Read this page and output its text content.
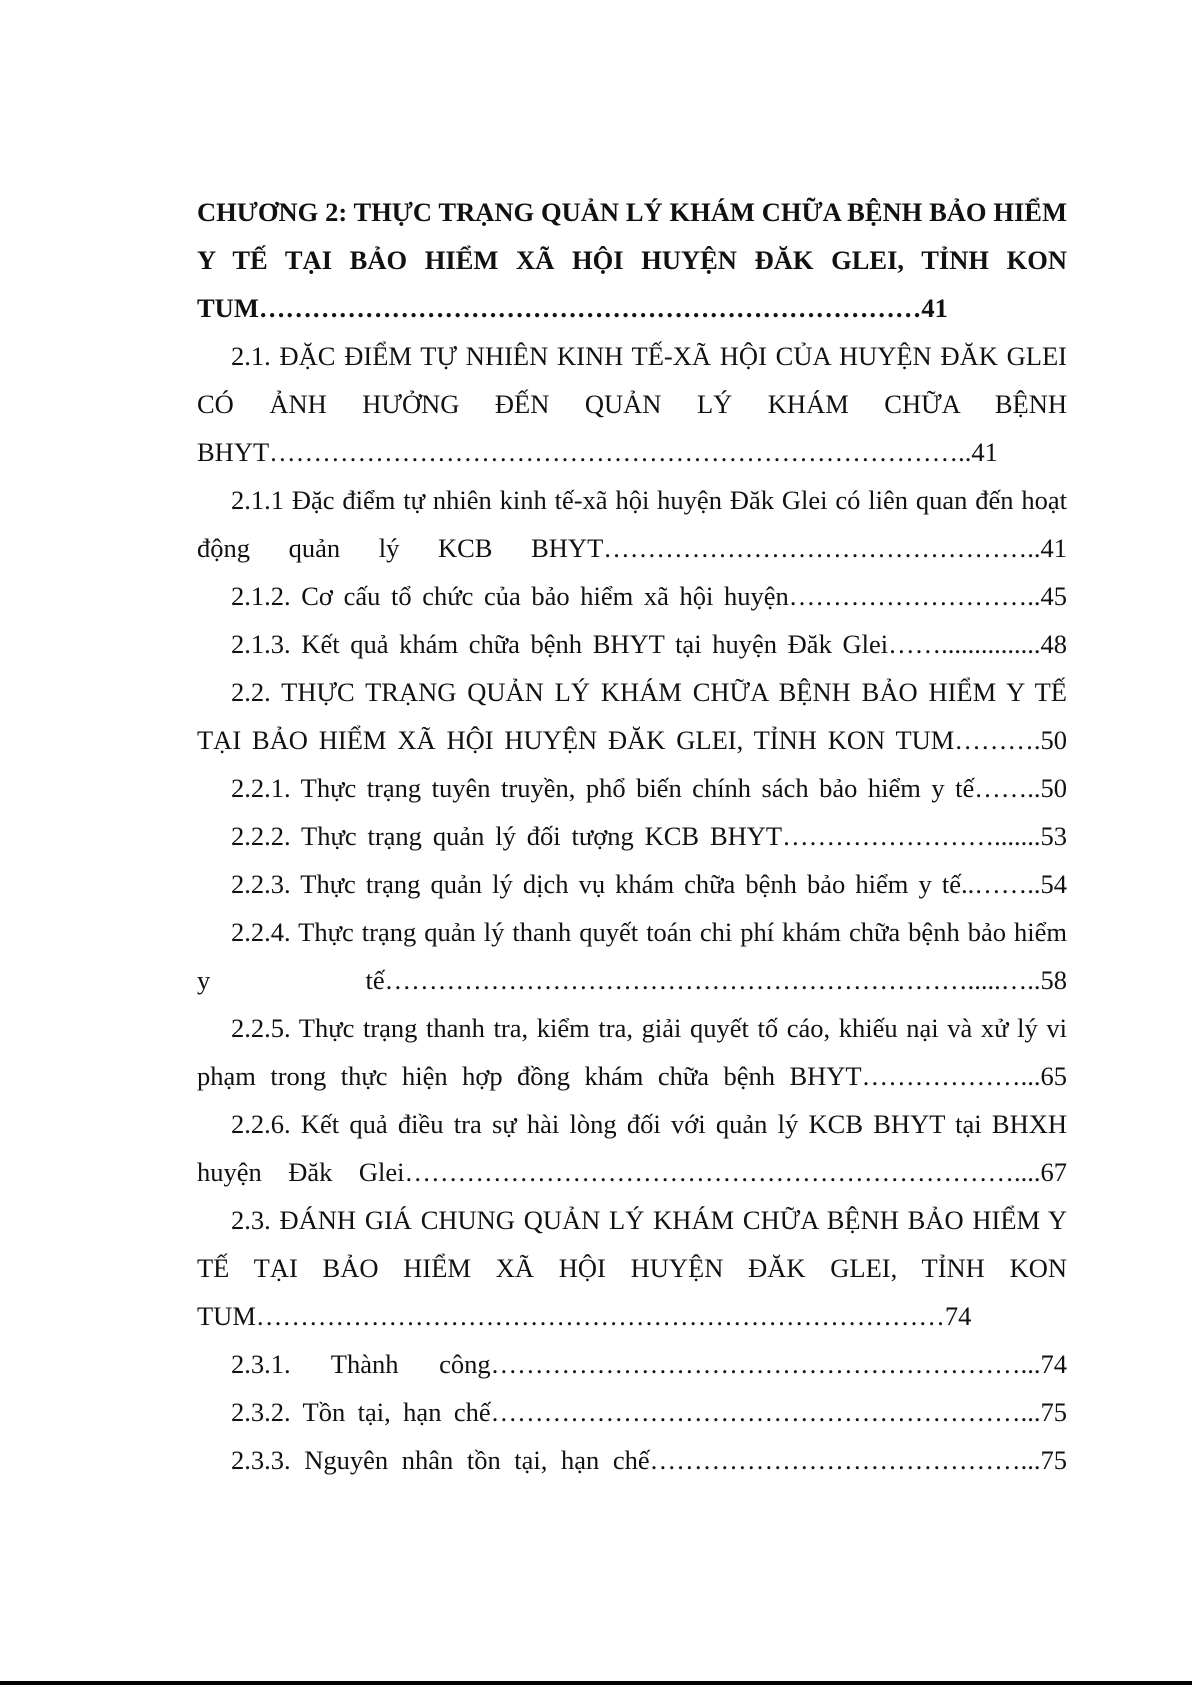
CHƯƠNG 2: THỰC TRẠNG QUẢN LÝ KHÁM CHỮA BỆNH BẢO HIỂM Y TẾ TẠI BẢO HIỂM XÃ HỘI HUYỆN ĐĂK GLEI, TỈNH KON TUM…………………………………………………………………41
2.1. ĐẶC ĐIỂM TỰ NHIÊN KINH TẾ-XÃ HỘI CỦA HUYỆN ĐĂK GLEI CÓ ẢNH HƯỞNG ĐẾN QUẢN LÝ KHÁM CHỮA BỆNH BHYT……………………………………………………………………..41
2.1.1 Đặc điểm tự nhiên kinh tế-xã hội huyện Đăk Glei có liên quan đến hoạt động quản lý KCB BHYT…………………………………………..41
2.1.2. Cơ cấu tổ chức của bảo hiểm xã hội huyện………………………..45
2.1.3. Kết quả khám chữa bệnh BHYT tại huyện Đăk Glei……...............48
2.2. THỰC TRẠNG QUẢN LÝ KHÁM CHỮA BỆNH BẢO HIỂM Y TẾ TẠI BẢO HIỂM XÃ HỘI HUYỆN ĐĂK GLEI, TỈNH KON TUM……….50
2.2.1. Thực trạng tuyên truyền, phổ biến chính sách bảo hiểm y tế……..50
2.2.2. Thực trạng quản lý đối tượng KCB BHYT…………………….......53
2.2.3. Thực trạng quản lý dịch vụ khám chữa bệnh bảo hiểm y tế..……..54
2.2.4. Thực trạng quản lý thanh quyết toán chi phí khám chữa bệnh bảo hiểm y tế………………………………………………………….....…..58
2.2.5. Thực trạng thanh tra, kiểm tra, giải quyết tố cáo, khiếu nại và xử lý vi phạm trong thực hiện hợp đồng khám chữa bệnh BHYT………………...65
2.2.6. Kết quả điều tra sự hài lòng đối với quản lý KCB BHYT tại BHXH huyện Đăk Glei……………………………………………………………....67
2.3. ĐÁNH GIÁ CHUNG QUẢN LÝ KHÁM CHỮA BỆNH BẢO HIỂM Y TẾ TẠI BẢO HIỂM XÃ HỘI HUYỆN ĐĂK GLEI, TỈNH KON TUM……………………………………………………………………74
2.3.1. Thành công……………………………………………………...74
2.3.2. Tồn tại, hạn chế……………………………………………………...75
2.3.3. Nguyên nhân tồn tại, hạn chế……………………………………...75
